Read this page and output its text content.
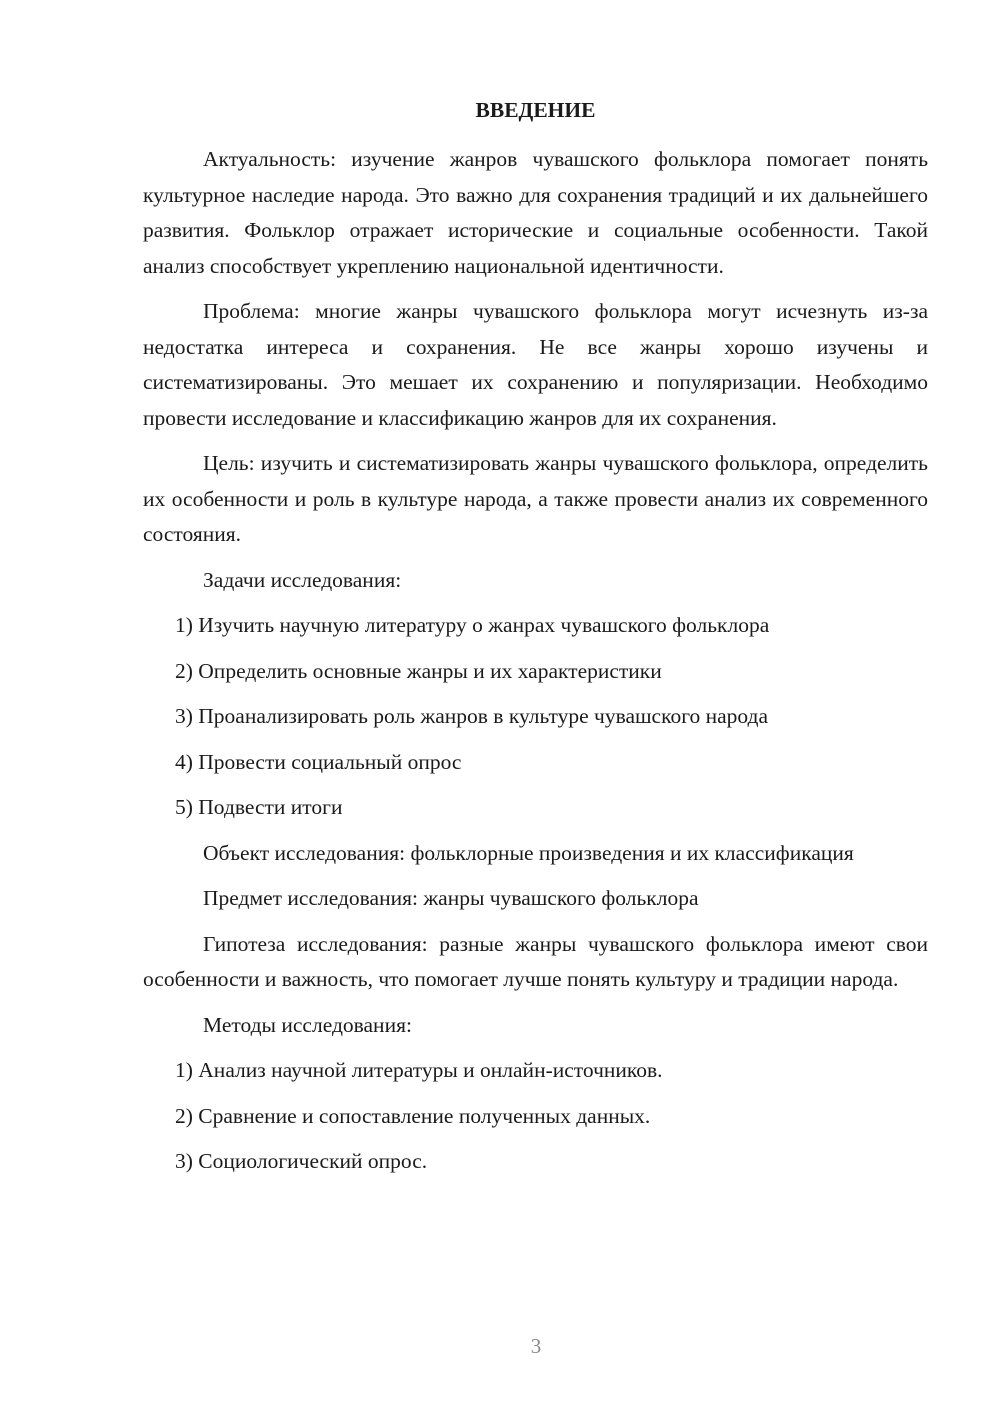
ВВЕДЕНИЕ

Актуальность: изучение жанров чувашского фольклора помогает понять культурное наследие народа. Это важно для сохранения традиций и их дальнейшего развития. Фольклор отражает исторические и социальные особенности. Такой анализ способствует укреплению национальной идентичности.

Проблема: многие жанры чувашского фольклора могут исчезнуть из-за недостатка интереса и сохранения. Не все жанры хорошо изучены и систематизированы. Это мешает их сохранению и популяризации. Необходимо провести исследование и классификацию жанров для их сохранения.

Цель: изучить и систематизировать жанры чувашского фольклора, определить их особенности и роль в культуре народа, а также провести анализ их современного состояния.

Задачи исследования:

1) Изучить научную литературу о жанрах чувашского фольклора
2) Определить основные жанры и их характеристики
3) Проанализировать роль жанров в культуре чувашского народа
4) Провести социальный опрос
5) Подвести итоги

Объект исследования: фольклорные произведения и их классификация

Предмет исследования: жанры чувашского фольклора

Гипотеза исследования: разные жанры чувашского фольклора имеют свои особенности и важность, что помогает лучше понять культуру и традиции народа.

Методы исследования:

1) Анализ научной литературы и онлайн-источников.
2) Сравнение и сопоставление полученных данных.
3) Социологический опрос.
3
